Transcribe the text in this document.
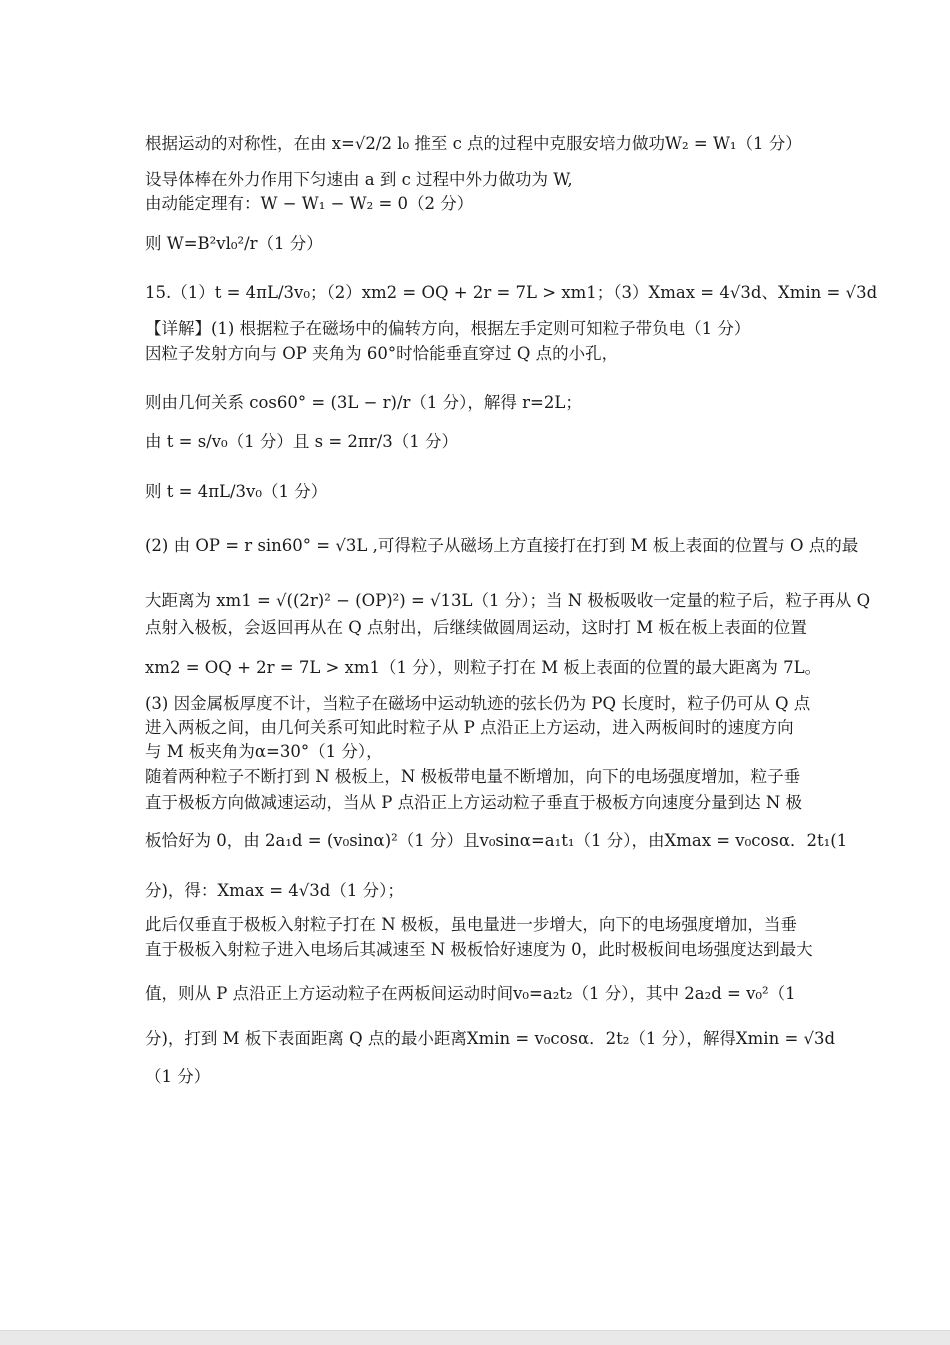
根据运动的对称性，在由 x=√2/2 l₀ 推至 c 点的过程中克服安培力做功W₂ = W₁（1 分）
设导体棒在外力作用下匀速由 a 到 c 过程中外力做功为 W,
由动能定理有：W − W₁ − W₂ = 0（2 分）
则 W=B²vl₀²/r（1 分）
15.（1）t = 4πL/3v₀；（2）xm2 = OQ + 2r = 7L > xm1；（3）Xmax = 4√3d、Xmin = √3d
【详解】(1) 根据粒子在磁场中的偏转方向，根据左手定则可知粒子带负电（1 分）
因粒子发射方向与 OP 夹角为 60°时恰能垂直穿过 Q 点的小孔，
则由几何关系 cos60° = (3L − r)/r（1 分），解得 r=2L；
由 t = s/v₀（1 分）且 s = 2πr/3（1 分）
则 t = 4πL/3v₀（1 分）
(2) 由 OP = r sin60° = √3L ,可得粒子从磁场上方直接打在打到 M 板上表面的位置与 O 点的最
大距离为 xm1 = √((2r)² − (OP)²) = √13L（1 分）；当 N 极板吸收一定量的粒子后，粒子再从 Q
点射入极板，会返回再从在 Q 点射出，后继续做圆周运动，这时打 M 板在板上表面的位置
xm2 = OQ + 2r = 7L > xm1（1 分），则粒子打在 M 板上表面的位置的最大距离为 7L。
(3) 因金属板厚度不计，当粒子在磁场中运动轨迹的弦长仍为 PQ 长度时，粒子仍可从 Q 点
进入两板之间，由几何关系可知此时粒子从 P 点沿正上方运动，进入两板间时的速度方向
与 M 板夹角为α=30°（1 分），
随着两种粒子不断打到 N 极板上，N 极板带电量不断增加，向下的电场强度增加，粒子垂
直于极板方向做减速运动，当从 P 点沿正上方运动粒子垂直于极板方向速度分量到达 N 极
板恰好为 0，由 2a₁d = (v₀sinα)²（1 分）且v₀sinα=a₁t₁（1 分），由Xmax = v₀cosα．2t₁(1
分)，得：Xmax = 4√3d（1 分）；
此后仅垂直于极板入射粒子打在 N 极板，虽电量进一步增大，向下的电场强度增加，当垂
直于极板入射粒子进入电场后其减速至 N 极板恰好速度为 0，此时极板间电场强度达到最大
值，则从 P 点沿正上方运动粒子在两板间运动时间v₀=a₂t₂（1 分），其中 2a₂d = v₀²（1
分)，打到 M 板下表面距离 Q 点的最小距离Xmin = v₀cosα．2t₂（1 分），解得Xmin = √3d
（1 分）
